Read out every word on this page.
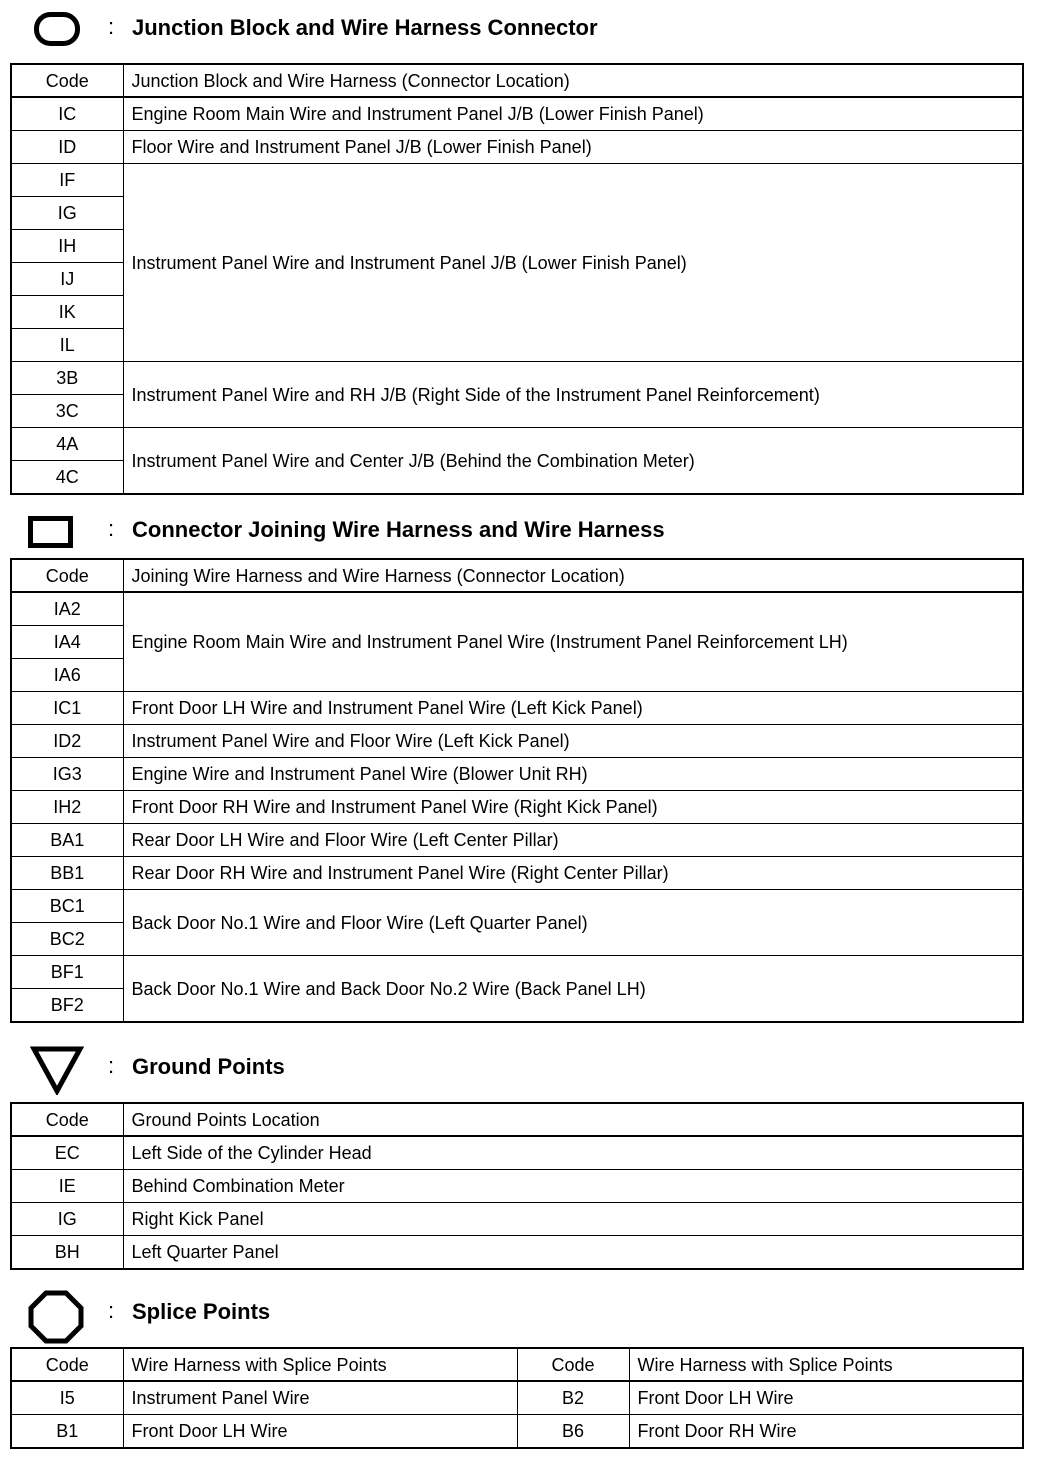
: Junction Block and Wire Harness Connector
Code	Junction Block and Wire Harness (Connector Location)
IC	Engine Room Main Wire and Instrument Panel J/B (Lower Finish Panel)
ID	Floor Wire and Instrument Panel J/B (Lower Finish Panel)
IF	Instrument Panel Wire and Instrument Panel J/B (Lower Finish Panel)
IG	
IH	
IJ	
IK	
IL	
3B	Instrument Panel Wire and RH J/B (Right Side of the Instrument Panel Reinforcement)
3C	
4A	Instrument Panel Wire and Center J/B (Behind the Combination Meter)
4C	
: Connector Joining Wire Harness and Wire Harness
Code	Joining Wire Harness and Wire Harness (Connector Location)
IA2	Engine Room Main Wire and Instrument Panel Wire (Instrument Panel Reinforcement LH)
IA4	
IA6	
IC1	Front Door LH Wire and Instrument Panel Wire (Left Kick Panel)
ID2	Instrument Panel Wire and Floor Wire (Left Kick Panel)
IG3	Engine Wire and Instrument Panel Wire (Blower Unit RH)
IH2	Front Door RH Wire and Instrument Panel Wire (Right Kick Panel)
BA1	Rear Door LH Wire and Floor Wire (Left Center Pillar)
BB1	Rear Door RH Wire and Instrument Panel Wire (Right Center Pillar)
BC1	Back Door No.1 Wire and Floor Wire (Left Quarter Panel)
BC2	
BF1	Back Door No.1 Wire and Back Door No.2 Wire (Back Panel LH)
BF2	
: Ground Points
Code	Ground Points Location
EC	Left Side of the Cylinder Head
IE	Behind Combination Meter
IG	Right Kick Panel
BH	Left Quarter Panel
: Splice Points
Code	Wire Harness with Splice Points	Code	Wire Harness with Splice Points
I5	Instrument Panel Wire	B2	Front Door LH Wire
B1	Front Door LH Wire	B6	Front Door RH Wire
